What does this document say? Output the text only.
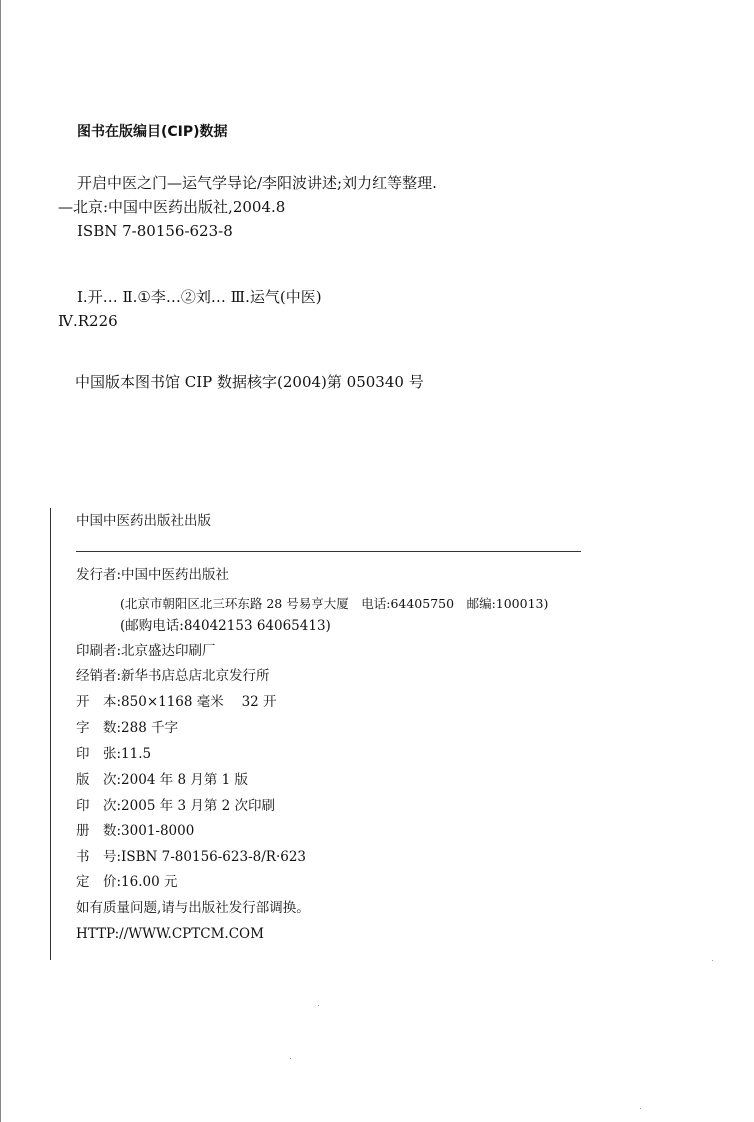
图书在版编目(CIP)数据
开启中医之门—运气学导论/李阳波讲述;刘力红等整理.
—北京:中国中医药出版社,2004.8
ISBN 7-80156-623-8
Ⅰ.开… Ⅱ.①李…②刘… Ⅲ.运气(中医)
Ⅳ.R226
中国版本图书馆 CIP 数据核字(2004)第 050340 号
中国中医药出版社出版
发行者:中国中医药出版社
(北京市朝阳区北三环东路 28 号易亨大厦　电话:64405750　邮编:100013)
(邮购电话:84042153 64065413)
印刷者:北京盛达印刷厂
经销者:新华书店总店北京发行所
开　本:850×1168 毫米　 32 开
字　数:288 千字
印　张:11.5
版　次:2004 年 8 月第 1 版
印　次:2005 年 3 月第 2 次印刷
册　数:3001-8000
书　号:ISBN 7-80156-623-8/R·623
定　价:16.00 元
如有质量问题,请与出版社发行部调换。
HTTP://WWW.CPTCM.COM
